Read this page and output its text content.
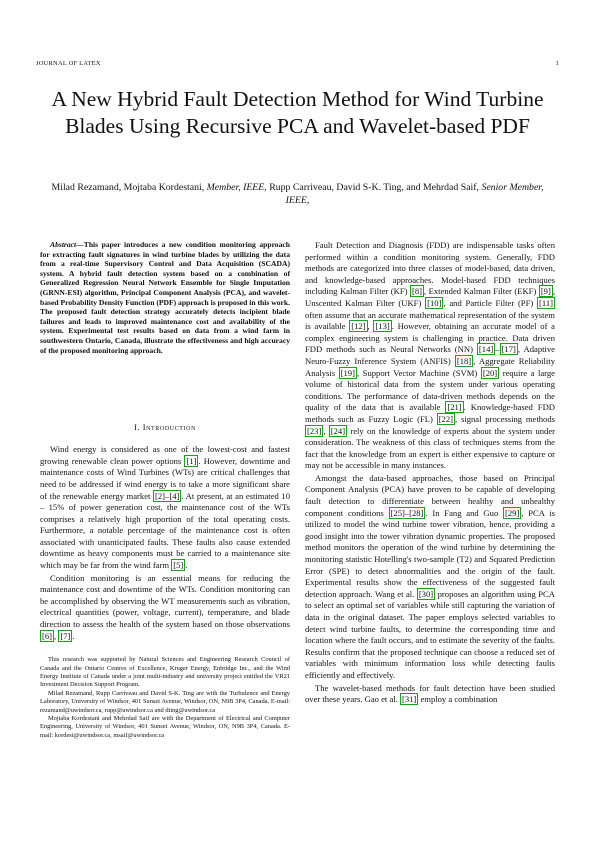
JOURNAL OF LATEX	1
A New Hybrid Fault Detection Method for Wind Turbine Blades Using Recursive PCA and Wavelet-based PDF
Milad Rezamand, Mojtaba Kordestani, Member, IEEE, Rupp Carriveau, David S-K. Ting, and Mehrdad Saif, Senior Member, IEEE,

Abstract—This paper introduces a new condition monitoring approach for extracting fault signatures in wind turbine blades by utilizing the data from a real-time Supervisory Control and Data Acquisition (SCADA) system. A hybrid fault detection system based on a combination of Generalized Regression Neural Network Ensemble for Single Imputation (GRNN-ESI) algorithm, Principal Component Analysis (PCA), and wavelet-based Probability Density Function (PDF) approach is proposed in this work. The proposed fault detection strategy accurately detects incipient blade failures and leads to improved maintenance cost and availability of the system. Experimental test results based on data from a wind farm in southwestern Ontario, Canada, illustrate the effectiveness and high accuracy of the proposed monitoring approach.

I. Introduction

Wind energy is considered as one of the lowest-cost and fastest growing renewable clean power options [1] . However, downtime and maintenance costs of Wind Turbines (WTs) are critical challenges that need to be addressed if wind energy is to take a more significant share of the renewable energy market [2]–[4] . At present, at an estimated 10 – 15% of power generation cost, the maintenance cost of the WTs comprises a relatively high proportion of the total operating costs. Furthermore, a notable percentage of the maintenance cost is often associated with unanticipated faults. These faults also cause extended downtime as heavy components must be carried to a maintenance site which may be far from the wind farm [5] .

Condition monitoring is an essential means for reducing the maintenance cost and downtime of the WTs. Condition monitoring can be accomplished by observing the WT measurements such as vibration, electrical quantities (power, voltage, current), temperature, and blade direction to assess the health of the system based on those observations [6] , [7] .

This research was supported by Natural Sciences and Engineering Research Council of Canada and the Ontario Centres of Excellence, Kruger Energy, Enbridge Inc., and the Wind Energy Institute of Canada under a joint multi-industry and university project entitled the VR21 Investment Decision Support Program.

Milad Rezamand, Rupp Carriveau and David S-K. Ting are with the Turbulence and Energy Laboratory, University of Windsor, 401 Sunset Avenue, Windsor, ON, N9B 3P4, Canada. E-mail: rezamand@uwindsor.ca, rupp@uwindsor.ca and dting@uwindsor.ca

Mojtaba Kordestani and Mehrdad Saif are with the Department of Electrical and Computer Engineering, University of Windsor, 401 Sunset Avenue, Windsor, ON, N9B 3P4, Canada. E-mail: kordest@uwindsor.ca, msaif@uwindsor.ca

Fault Detection and Diagnosis (FDD) are indispensable tasks often performed within a condition monitoring system. Generally, FDD methods are categorized into three classes of model-based, data driven, and knowledge-based approaches. Model-based FDD techniques including Kalman Filter (KF) [8] , Extended Kalman Filter (EKF) [9] , Unscented Kalman Filter (UKF) [10] , and Particle Filter (PF) [11] often assume that an accurate mathematical representation of the system is available [12] , [13] . However, obtaining an accurate model of a complex engineering system is challenging in practice. Data driven FDD methods such as Neural Networks (NN) [14] – [17] , Adaptive Neuro-Fuzzy Inference System (ANFIS) [18] , Aggregate Reliability Analysis [19] , Support Vector Machine (SVM) [20] require a large volume of historical data from the system under various operating conditions. The performance of data-driven methods depends on the quality of the data that is available [21] . Knowledge-based FDD methods such as Fuzzy Logic (FL) [22] , signal processing methods [23] , [24] rely on the knowledge of experts about the system under consideration. The weakness of this class of techniques stems from the fact that the knowledge from an expert is either expensive to capture or may not be accessible in many instances.

Amongst the data-based approaches, those based on Principal Component Analysis (PCA) have proven to be capable of developing fault detection to differentiate between healthy and unhealthy component conditions [25]–[28] . In Fang and Guo [29] , PCA is utilized to model the wind turbine tower vibration, hence, providing a good insight into the tower vibration dynamic properties. The proposed method monitors the operation of the wind turbine by determining the monitoring statistic Hotelling's two-sample (T2) and Squared Prediction Error (SPE) to detect abnormalities and the origin of the fault. Experimental results show the effectiveness of the suggested fault detection approach. Wang et al. [30] proposes an algorithm using PCA to select an optimal set of variables while still capturing the variation of data in the original dataset. The paper employs selected variables to detect wind turbine faults, to determine the corresponding time and location where the fault occurs, and to estimate the severity of the faults. Results confirm that the proposed technique can choose a reduced set of variables with minimum information loss while detecting faults efficiently and effectively.

The wavelet-based methods for fault detection have been studied over these years. Gao et al. [31] employ a combination
